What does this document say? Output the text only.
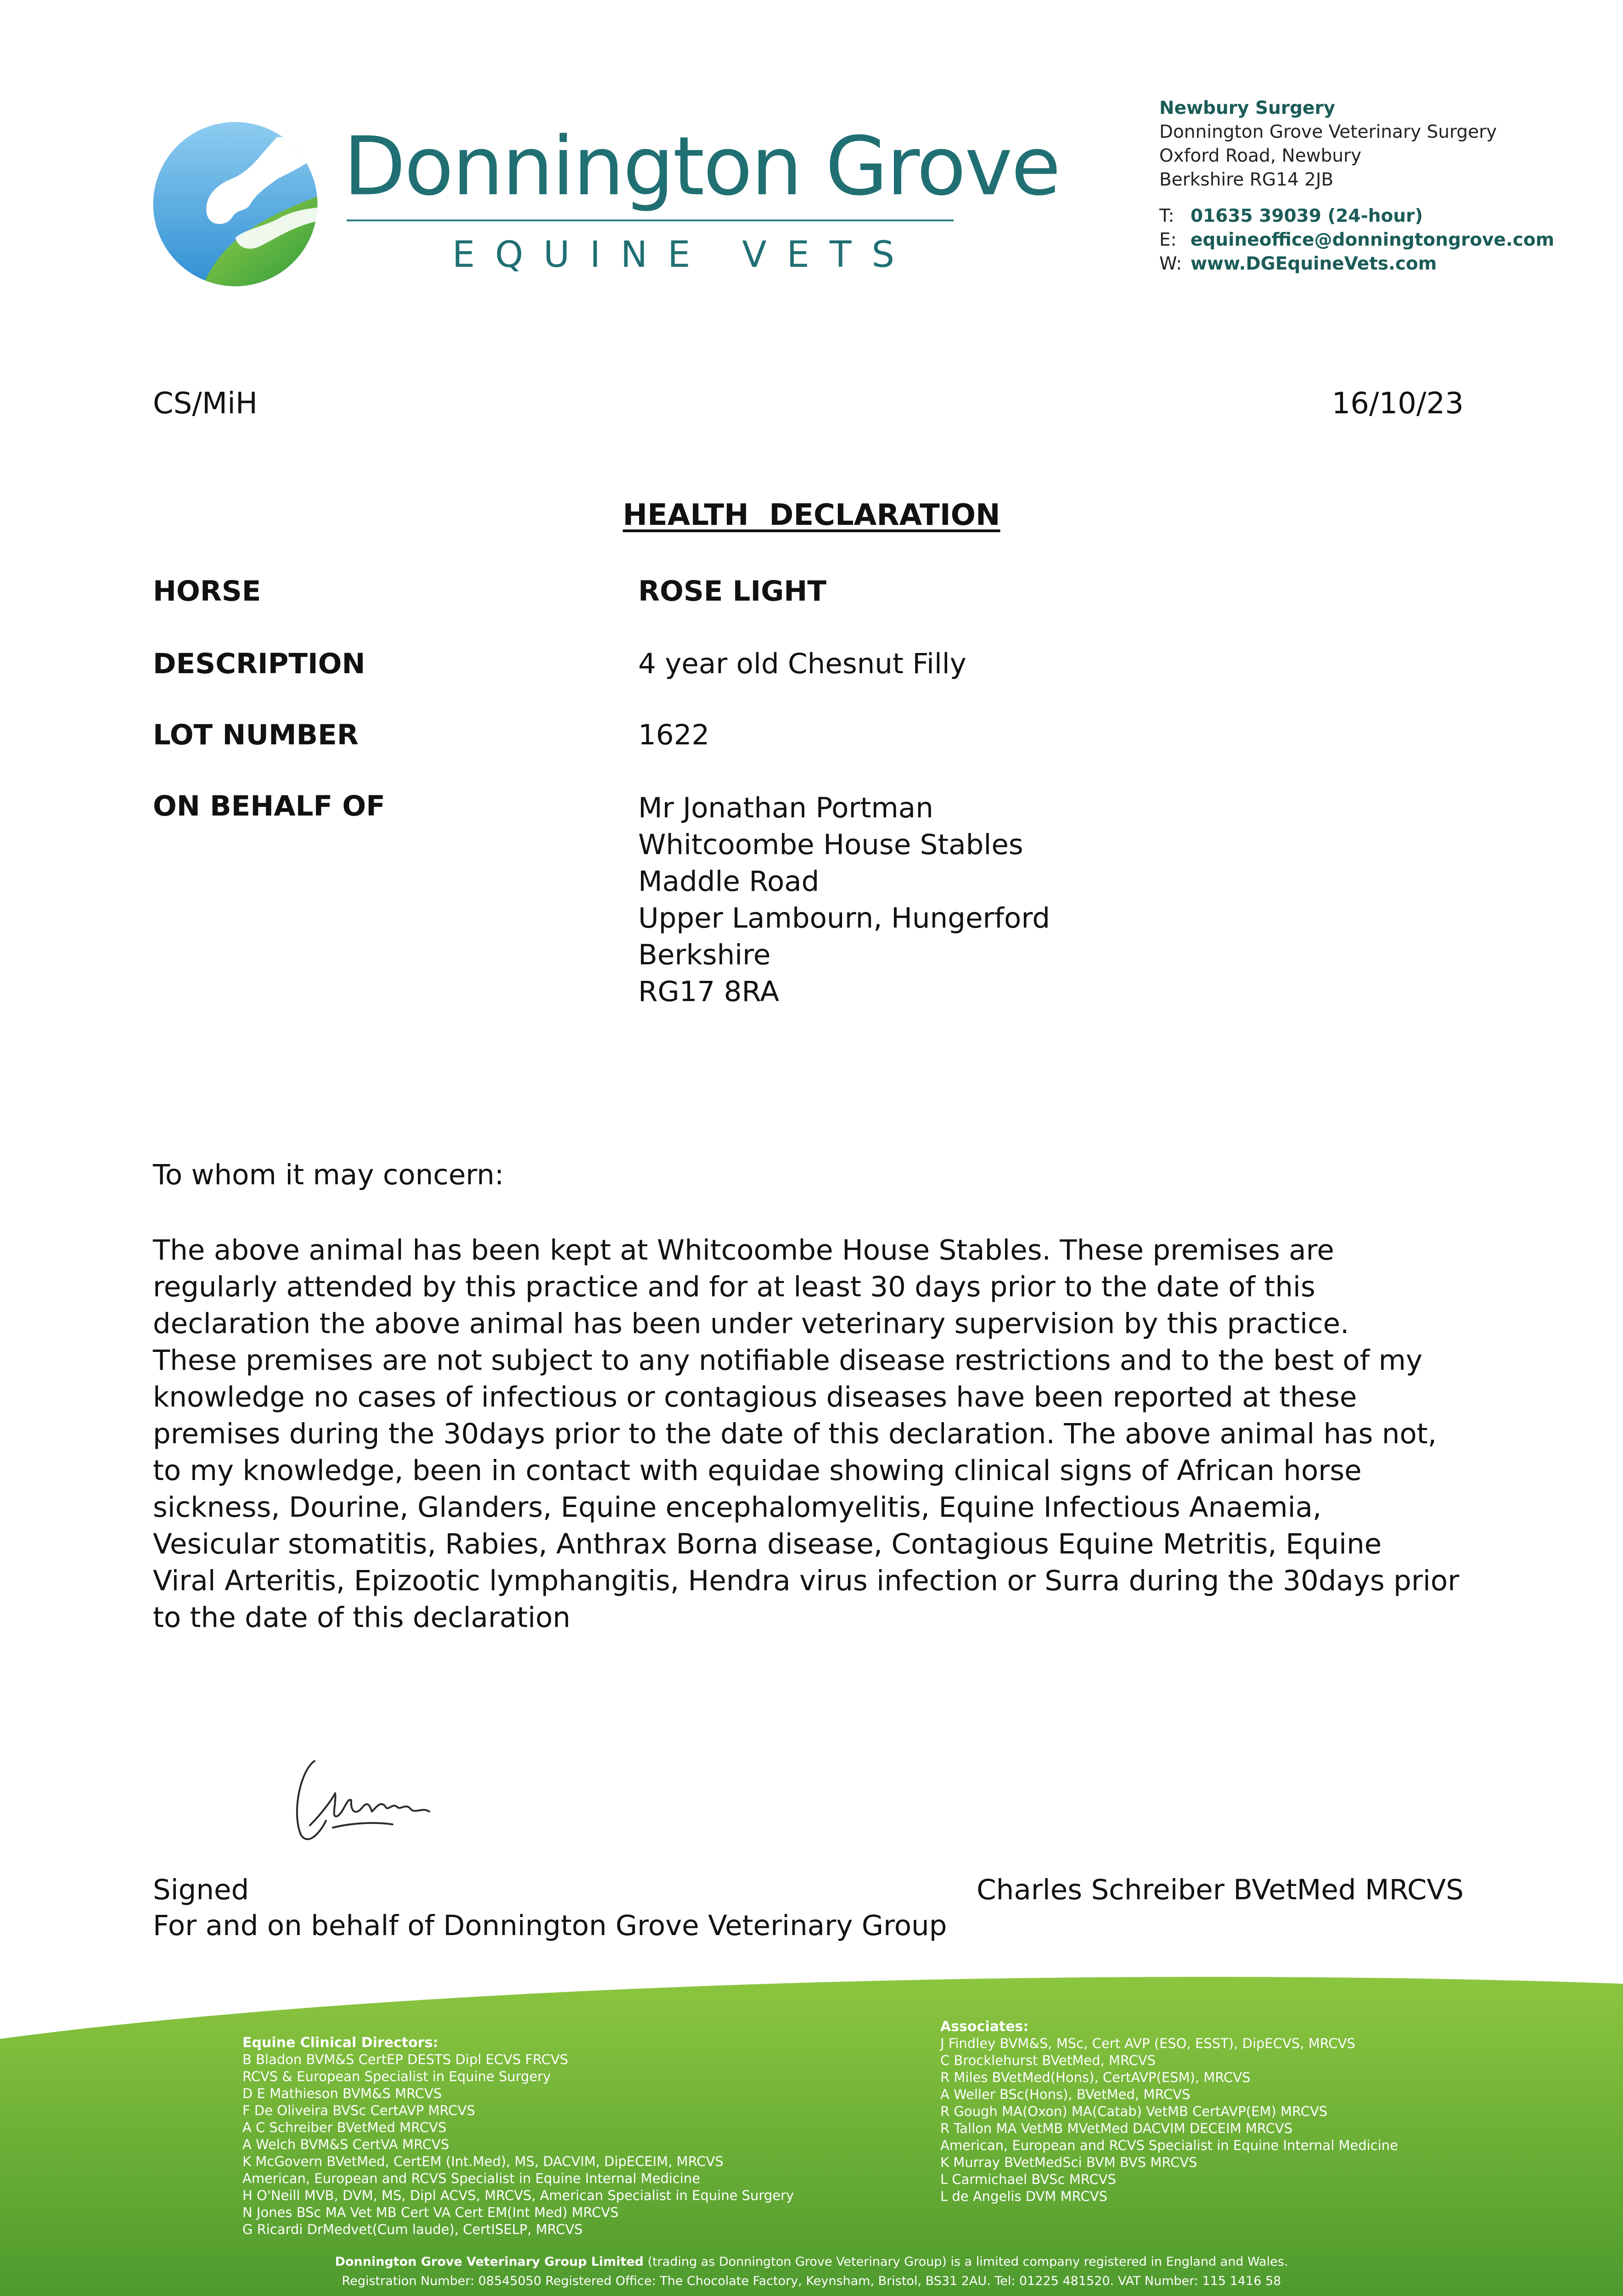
Donnington Grove
EQUINE VETS
Newbury Surgery
Donnington Grove Veterinary Surgery
Oxford Road, Newbury
Berkshire RG14 2JB
T: 01635 39039 (24-hour)
E: equineoffice@donningtongrove.com
W: www.DGEquineVets.com
CS/MiH	16/10/23
HEALTH  DECLARATION
HORSE	ROSE LIGHT
DESCRIPTION	4 year old Chesnut Filly
LOT NUMBER	1622
ON BEHALF OF	Mr Jonathan Portman
Whitcoombe House Stables
Maddle Road
Upper Lambourn, Hungerford
Berkshire
RG17 8RA
To whom it may concern:
The above animal has been kept at Whitcoombe House Stables. These premises are
regularly attended by this practice and for at least 30 days prior to the date of this
declaration the above animal has been under veterinary supervision by this practice.
These premises are not subject to any notifiable disease restrictions and to the best of my
knowledge no cases of infectious or contagious diseases have been reported at these
premises during the 30days prior to the date of this declaration. The above animal has not,
to my knowledge, been in contact with equidae showing clinical signs of African horse
sickness, Dourine, Glanders, Equine encephalomyelitis, Equine Infectious Anaemia,
Vesicular stomatitis, Rabies, Anthrax Borna disease, Contagious Equine Metritis, Equine
Viral Arteritis, Epizootic lymphangitis, Hendra virus infection or Surra during the 30days prior
to the date of this declaration
Signed	Charles Schreiber BVetMed MRCVS
For and on behalf of Donnington Grove Veterinary Group
Equine Clinical Directors:
B Bladon BVM&S CertEP DESTS Dipl ECVS FRCVS
RCVS & European Specialist in Equine Surgery
D E Mathieson BVM&S MRCVS
F De Oliveira BVSc CertAVP MRCVS
A C Schreiber BVetMed MRCVS
A Welch BVM&S CertVA MRCVS
K McGovern BVetMed, CertEM (Int.Med), MS, DACVIM, DipECEIM, MRCVS
American, European and RCVS Specialist in Equine Internal Medicine
H O'Neill MVB, DVM, MS, Dipl ACVS, MRCVS, American Specialist in Equine Surgery
N Jones BSc MA Vet MB Cert VA Cert EM(Int Med) MRCVS
G Ricardi DrMedvet(Cum laude), CertISELP, MRCVS
Associates:
J Findley BVM&S, MSc, Cert AVP (ESO, ESST), DipECVS, MRCVS
C Brocklehurst BVetMed, MRCVS
R Miles BVetMed(Hons), CertAVP(ESM), MRCVS
A Weller BSc(Hons), BVetMed, MRCVS
R Gough MA(Oxon) MA(Catab) VetMB CertAVP(EM) MRCVS
R Tallon MA VetMB MVetMed DACVIM DECEIM MRCVS
American, European and RCVS Specialist in Equine Internal Medicine
K Murray BVetMedSci BVM BVS MRCVS
L Carmichael BVSc MRCVS
L de Angelis DVM MRCVS
Donnington Grove Veterinary Group Limited (trading as Donnington Grove Veterinary Group) is a limited company registered in England and Wales.
Registration Number: 08545050 Registered Office: The Chocolate Factory, Keynsham, Bristol, BS31 2AU. Tel: 01225 481520. VAT Number: 115 1416 58
